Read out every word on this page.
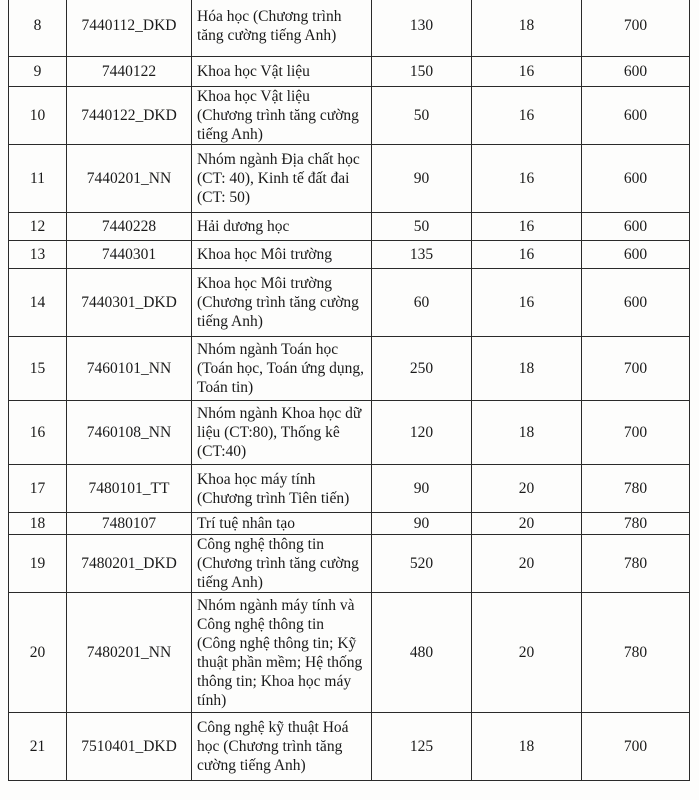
8	7440112_DKD	Hóa học (Chương trình tăng cường tiếng Anh)	130	18	700

9	7440122	Khoa học Vật liệu	150	16	600

10	7440122_DKD	Khoa học Vật liệu (Chương trình tăng cường tiếng Anh)	50	16	600

11	7440201_NN	Nhóm ngành Địa chất học (CT: 40), Kinh tế đất đai (CT: 50)	90	16	600

12	7440228	Hải dương học	50	16	600

13	7440301	Khoa học Môi trường	135	16	600

14	7440301_DKD	Khoa học Môi trường (Chương trình tăng cường tiếng Anh)	60	16	600

15	7460101_NN	Nhóm ngành Toán học (Toán học, Toán ứng dụng, Toán tin)	250	18	700

16	7460108_NN	Nhóm ngành Khoa học dữ liệu (CT:80), Thống kê (CT:40)	120	18	700

17	7480101_TT	Khoa học máy tính (Chương trình Tiên tiến)	90	20	780

18	7480107	Trí tuệ nhân tạo	90	20	780

19	7480201_DKD	Công nghệ thông tin (Chương trình tăng cường tiếng Anh)	520	20	780

20	7480201_NN	Nhóm ngành máy tính và Công nghệ thông tin (Công nghệ thông tin; Kỹ thuật phần mềm; Hệ thống thông tin; Khoa học máy tính)	480	20	780

21	7510401_DKD	Công nghệ kỹ thuật Hoá học (Chương trình tăng cường tiếng Anh)	125	18	700
